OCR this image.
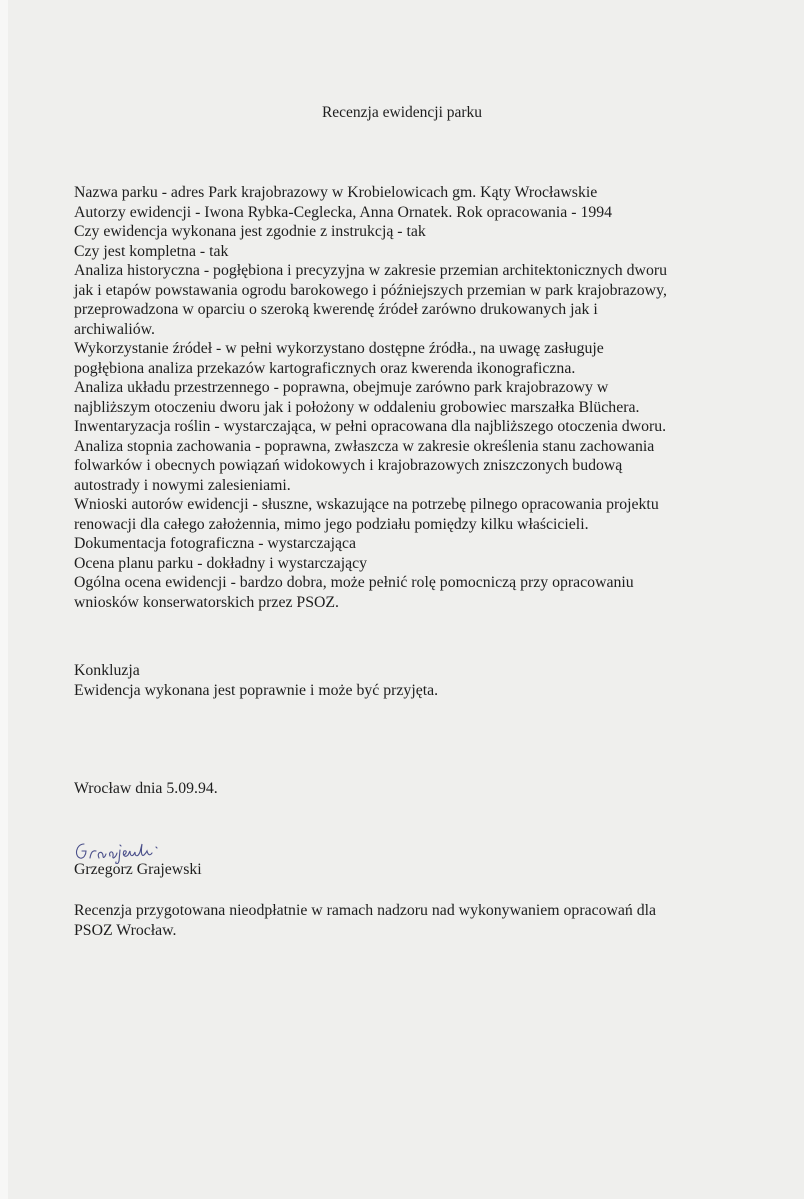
Recenzja ewidencji parku
Nazwa parku - adres Park krajobrazowy w Krobielowicach gm. Kąty Wrocławskie
Autorzy ewidencji - Iwona Rybka-Ceglecka, Anna Ornatek. Rok opracowania - 1994
Czy ewidencja wykonana jest zgodnie z instrukcją - tak
Czy jest kompletna - tak
Analiza historyczna - pogłębiona i precyzyjna w zakresie przemian architektonicznych dworu
jak i etapów powstawania ogrodu barokowego i późniejszych przemian w park krajobrazowy,
przeprowadzona w oparciu o szeroką kwerendę źródeł zarówno drukowanych jak i
archiwaliów.
Wykorzystanie źródeł - w pełni wykorzystano dostępne źródła., na uwagę zasługuje
pogłębiona analiza przekazów kartograficznych oraz kwerenda ikonograficzna.
Analiza układu przestrzennego - poprawna, obejmuje zarówno park krajobrazowy w
najbliższym otoczeniu dworu jak i położony w oddaleniu grobowiec marszałka Blüchera.
Inwentaryzacja roślin - wystarczająca, w pełni opracowana dla najbliższego otoczenia dworu.
Analiza stopnia zachowania - poprawna, zwłaszcza w zakresie określenia stanu zachowania
folwarków i obecnych powiązań widokowych i krajobrazowych zniszczonych budową
autostrady i nowymi zalesieniami.
Wnioski autorów ewidencji - słuszne, wskazujące na potrzebę pilnego opracowania projektu
renowacji dla całego założennia, mimo jego podziału pomiędzy kilku właścicieli.
Dokumentacja fotograficzna - wystarczająca
Ocena planu parku - dokładny i wystarczający
Ogólna ocena ewidencji - bardzo dobra, może pełnić rolę pomocniczą przy opracowaniu
wniosków konserwatorskich przez PSOZ.
Konkluzja
Ewidencja wykonana jest poprawnie i może być przyjęta.
Wrocław dnia 5.09.94.
Grzegorz Grajewski
Recenzja przygotowana nieodpłatnie w ramach nadzoru nad wykonywaniem opracowań dla
PSOZ Wrocław.
